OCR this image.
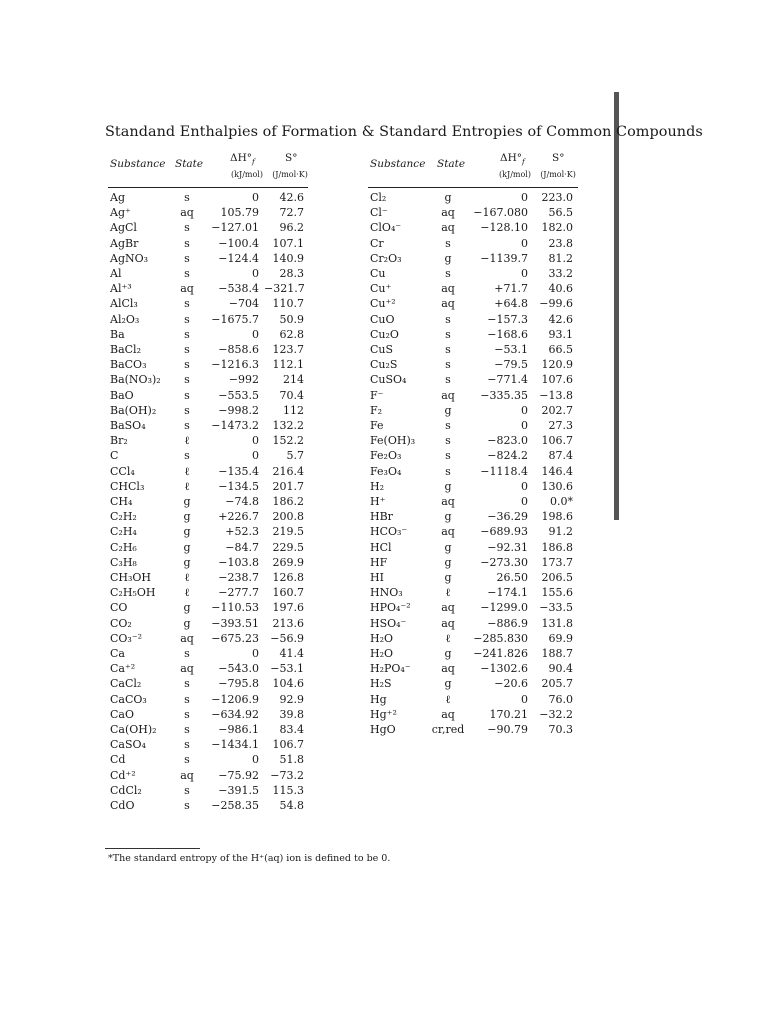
Standand Enthalpies of Formation & Standard Entropies of Common Compounds
Substance State	$\Delta H^\circ_f$	S°
(kJ/mol)	(J/mol·K)
Substance State	$\Delta H^\circ_f$	S°
(kJ/mol)	(J/mol·K)
Ag	s	0	42.6
Ag⁺	aq	105.79	72.7
AgCl	s	−127.01	96.2
AgBr	s	−100.4	107.1
AgNO₃	s	−124.4	140.9
Al	s	0	28.3
Al⁺³	aq	−538.4 −321.7
AlCl₃	s	−704	110.7
Al₂O₃	s	−1675.7	50.9
Ba	s	0	62.8
BaCl₂	s	−858.6	123.7
BaCO₃	s	−1216.3	112.1
Ba(NO₃)₂	s	−992	214
BaO	s	−553.5	70.4
Ba(OH)₂	s	−998.2	112
BaSO₄	s	−1473.2	132.2
Br₂	ℓ	0	152.2
C	s	0	5.7
CCl₄	ℓ	−135.4	216.4
CHCl₃	ℓ	−134.5	201.7
CH₄	g	−74.8	186.2
C₂H₂	g	+226.7	200.8
C₂H₄	g	+52.3	219.5
C₂H₆	g	−84.7	229.5
C₃H₈	g	−103.8	269.9
CH₃OH	ℓ	−238.7	126.8
C₂H₅OH	ℓ	−277.7	160.7
CO	g	−110.53	197.6
CO₂	g	−393.51	213.6
CO₃⁻²	aq	−675.23	−56.9
Ca	s	0	41.4
Ca⁺²	aq	−543.0	−53.1
CaCl₂	s	−795.8	104.6
CaCO₃	s	−1206.9	92.9
CaO	s	−634.92	39.8
Ca(OH)₂	s	−986.1	83.4
CaSO₄	s	−1434.1	106.7
Cd	s	0	51.8
Cd⁺²	aq	−75.92	−73.2
CdCl₂	s	−391.5	115.3
CdO	s	−258.35	54.8
Cl₂	g	0	223.0
Cl⁻	aq	−167.080	56.5
ClO₄⁻	aq	−128.10	182.0
Cr	s	0	23.8
Cr₂O₃	g	−1139.7	81.2
Cu	s	0	33.2
Cu⁺	aq	+71.7	40.6
Cu⁺²	aq	+64.8	−99.6
CuO	s	−157.3	42.6
Cu₂O	s	−168.6	93.1
CuS	s	−53.1	66.5
Cu₂S	s	−79.5	120.9
CuSO₄	s	−771.4	107.6
F⁻	aq	−335.35	−13.8
F₂	g	0	202.7
Fe	s	0	27.3
Fe(OH)₃	s	−823.0	106.7
Fe₂O₃	s	−824.2	87.4
Fe₃O₄	s	−1118.4	146.4
H₂	g	0	130.6
H⁺	aq	0	0.0*
HBr	g	−36.29	198.6
HCO₃⁻	aq	−689.93	91.2
HCl	g	−92.31	186.8
HF	g	−273.30	173.7
HI	g	26.50	206.5
HNO₃	ℓ	−174.1	155.6
HPO₄⁻²	aq	−1299.0	−33.5
HSO₄⁻	aq	−886.9	131.8
H₂O	ℓ	−285.830	69.9
H₂O	g	−241.826	188.7
H₂PO₄⁻	aq	−1302.6	90.4
H₂S	g	−20.6	205.7
Hg	ℓ	0	76.0
Hg⁺²	aq	170.21	−32.2
HgO	cr,red	−90.79	70.3
*The standard entropy of the H⁺(aq) ion is defined to be 0.
